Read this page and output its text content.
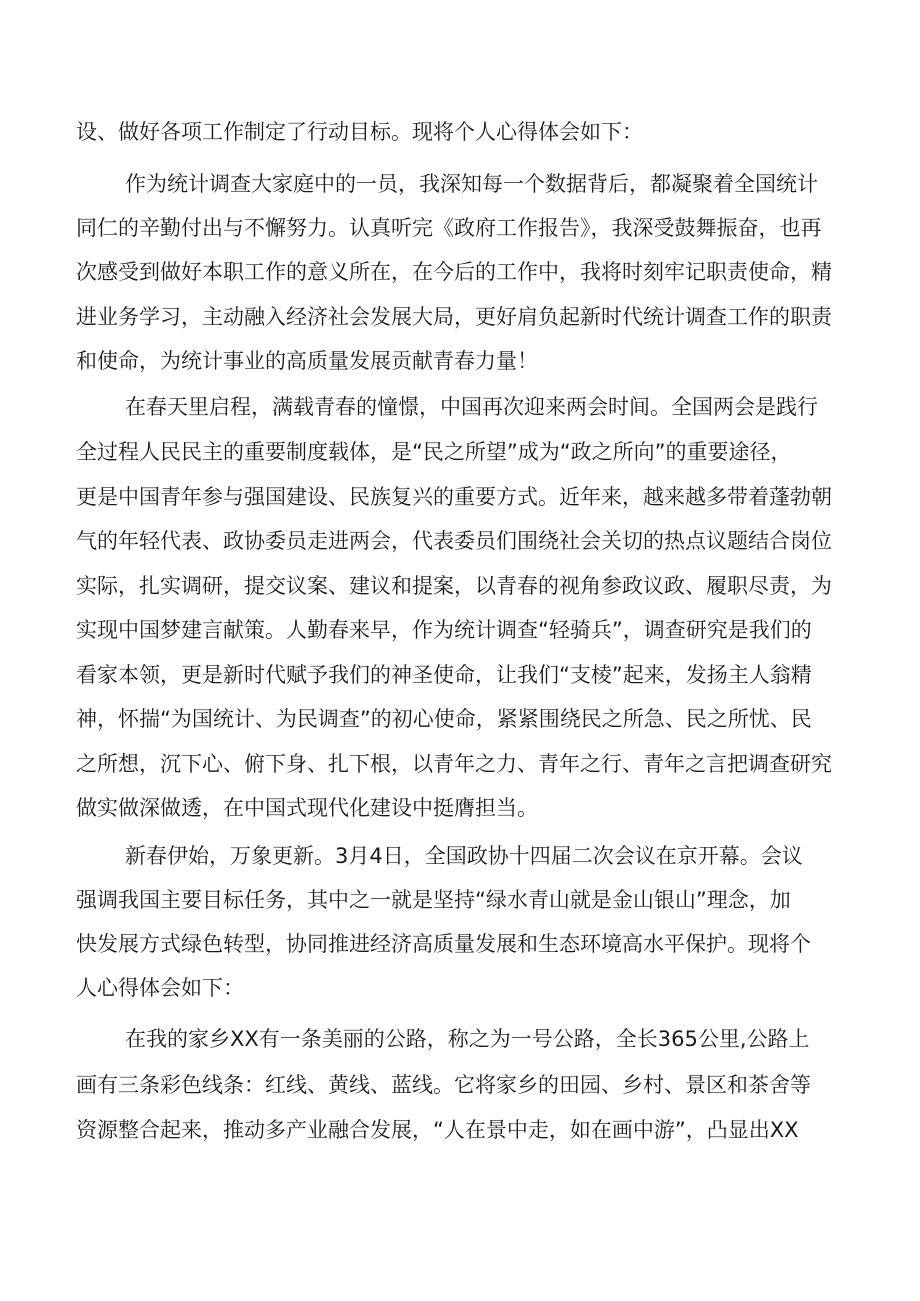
设、做好各项工作制定了行动目标。现将个人心得体会如下：

作为统计调查大家庭中的一员，我深知每一个数据背后，都凝聚着全国统计

同仁的辛勤付出与不懈努力。认真听完《政府工作报告》，我深受鼓舞振奋，也再

次感受到做好本职工作的意义所在，在今后的工作中，我将时刻牢记职责使命，精

进业务学习，主动融入经济社会发展大局，更好肩负起新时代统计调查工作的职责

和使命，为统计事业的高质量发展贡献青春力量！

在春天里启程，满载青春的憧憬，中国再次迎来两会时间。全国两会是践行

全过程人民民主的重要制度载体，是“民之所望”成为“政之所向”的重要途径，

更是中国青年参与强国建设、民族复兴的重要方式。近年来，越来越多带着蓬勃朝

气的年轻代表、政协委员走进两会，代表委员们围绕社会关切的热点议题结合岗位

实际，扎实调研，提交议案、建议和提案，以青春的视角参政议政、履职尽责，为

实现中国梦建言献策。人勤春来早，作为统计调查“轻骑兵”，调查研究是我们的

看家本领，更是新时代赋予我们的神圣使命，让我们“支棱”起来，发扬主人翁精

神，怀揣“为国统计、为民调查”的初心使命，紧紧围绕民之所急、民之所忧、民

之所想，沉下心、俯下身、扎下根，以青年之力、青年之行、青年之言把调查研究

做实做深做透，在中国式现代化建设中挺膺担当。

新春伊始，万象更新。3月4日，全国政协十四届二次会议在京开幕。会议

强调我国主要目标任务，其中之一就是坚持“绿水青山就是金山银山”理念，加

快发展方式绿色转型，协同推进经济高质量发展和生态环境高水平保护。现将个

人心得体会如下：

在我的家乡XX有一条美丽的公路，称之为一号公路，全长365公里,公路上

画有三条彩色线条：红线、黄线、蓝线。它将家乡的田园、乡村、景区和茶舍等

资源整合起来，推动多产业融合发展，“人在景中走，如在画中游”，凸显出XX
